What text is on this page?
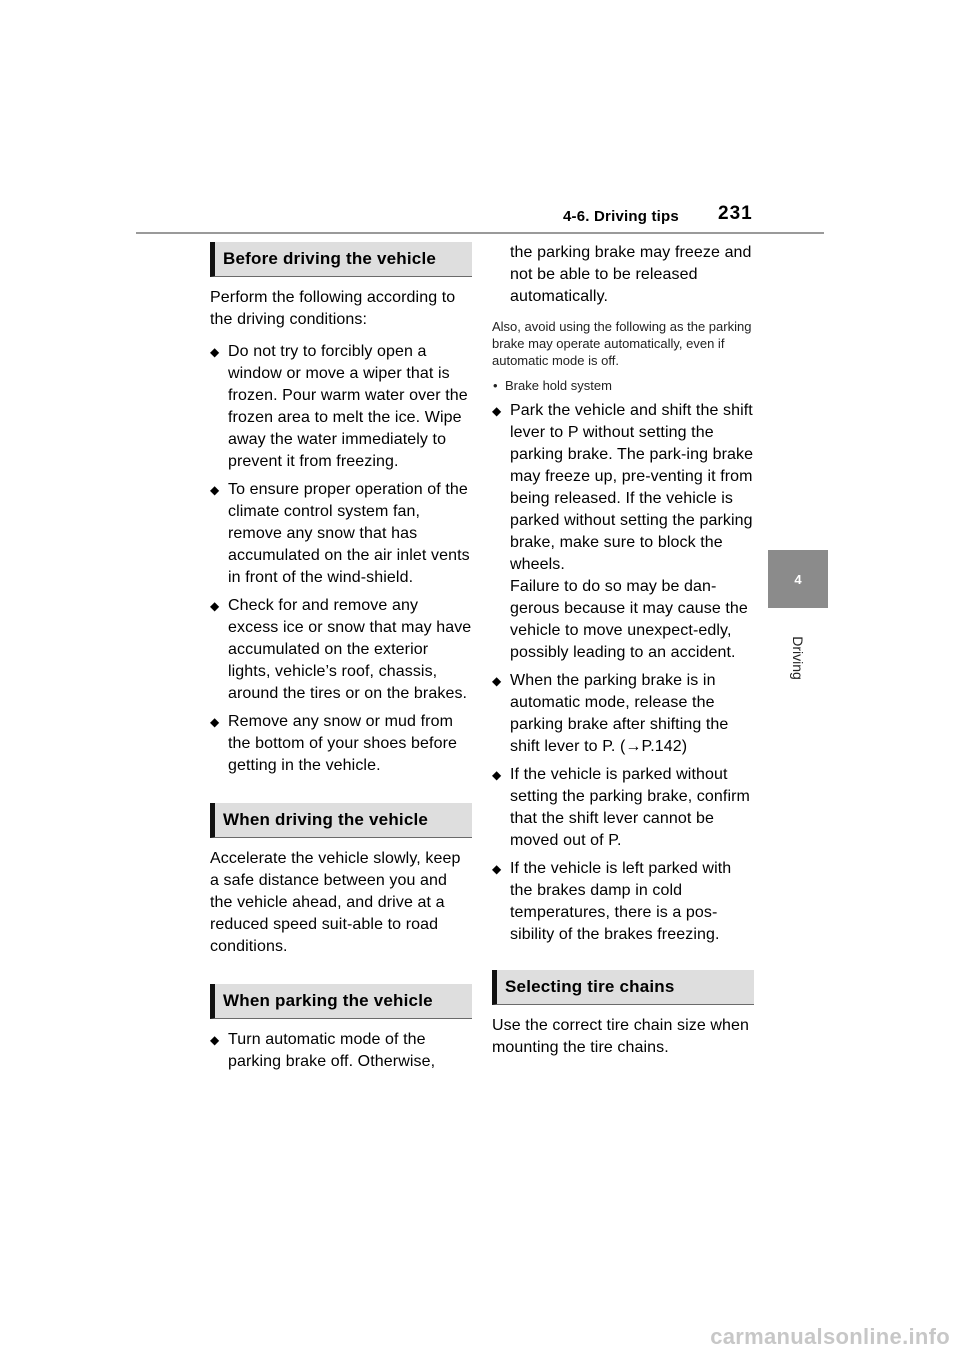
4-6. Driving tips 231
4
Driving
Before driving the vehicle

Perform the following according to the driving conditions:

◆ Do not try to forcibly open a window or move a wiper that is frozen. Pour warm water over the frozen area to melt the ice. Wipe away the water immediately to prevent it from freezing.
◆ To ensure proper operation of the climate control system fan, remove any snow that has accumulated on the air inlet vents in front of the wind-shield.
◆ Check for and remove any excess ice or snow that may have accumulated on the exterior lights, vehicle’s roof, chassis, around the tires or on the brakes.
◆ Remove any snow or mud from the bottom of your shoes before getting in the vehicle.
When driving the vehicle

Accelerate the vehicle slowly, keep a safe distance between you and the vehicle ahead, and drive at a reduced speed suit-able to road conditions.

When parking the vehicle
◆ Turn automatic mode of the parking brake off. Otherwise,
the parking brake may freeze and not be able to be released automatically.

Also, avoid using the following as the parking brake may operate automatically, even if automatic mode is off.

• Brake hold system
◆ Park the vehicle and shift the shift lever to P without setting the parking brake. The park-ing brake may freeze up, pre-venting it from being released. If the vehicle is parked without setting the parking brake, make sure to block the wheels.
Failure to do so may be dan-gerous because it may cause the vehicle to move unexpect-edly, possibly leading to an accident.
◆ When the parking brake is in automatic mode, release the parking brake after shifting the shift lever to P. (→P.142)
◆ If the vehicle is parked without setting the parking brake, confirm that the shift lever cannot be moved out of P.
◆ If the vehicle is left parked with the brakes damp in cold temperatures, there is a pos-sibility of the brakes freezing.
Selecting tire chains

Use the correct tire chain size when mounting the tire chains.

carmanualsonline.info
